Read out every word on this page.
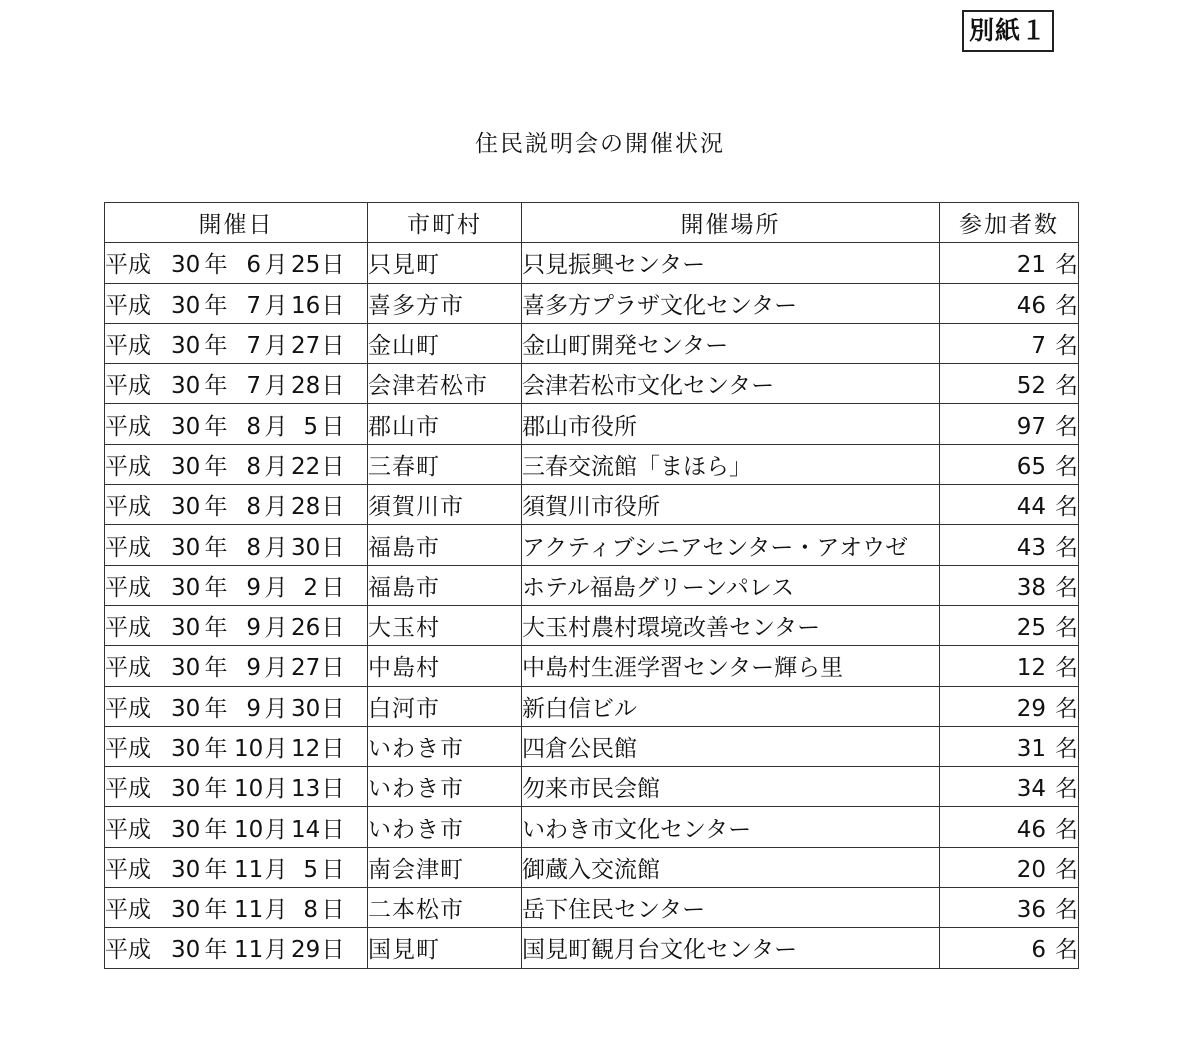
別紙１
住民説明会の開催状況
開催日	市町村	開催場所	参加者数
平成 30 年 6 月 25日	只見町	只見振興センター	21 名
平成 30 年 7 月 16日	喜多方市	喜多方プラザ文化センター	46 名
平成 30 年 7 月 27日	金山町	金山町開発センター	7 名
平成 30 年 7 月 28日	会津若松市	会津若松市文化センター	52 名
平成 30 年 8 月 5 日	郡山市	郡山市役所	97 名
平成 30 年 8 月 22日	三春町	三春交流館「まほら」	65 名
平成 30 年 8 月 28日	須賀川市	須賀川市役所	44 名
平成 30 年 8 月 30日	福島市	アクティブシニアセンター・アオウゼ	43 名
平成 30 年 9 月 2 日	福島市	ホテル福島グリーンパレス	38 名
平成 30 年 9 月 26日	大玉村	大玉村農村環境改善センター	25 名
平成 30 年 9 月 27日	中島村	中島村生涯学習センター輝ら里	12 名
平成 30 年 9 月 30日	白河市	新白信ビル	29 名
平成 30 年 10月 12日	いわき市	四倉公民館	31 名
平成 30 年 10月 13日	いわき市	勿来市民会館	34 名
平成 30 年 10月 14日	いわき市	いわき市文化センター	46 名
平成 30 年 11月 5 日	南会津町	御蔵入交流館	20 名
平成 30 年 11月 8 日	二本松市	岳下住民センター	36 名
平成 30 年 11月 29日	国見町	国見町観月台文化センター	6 名
